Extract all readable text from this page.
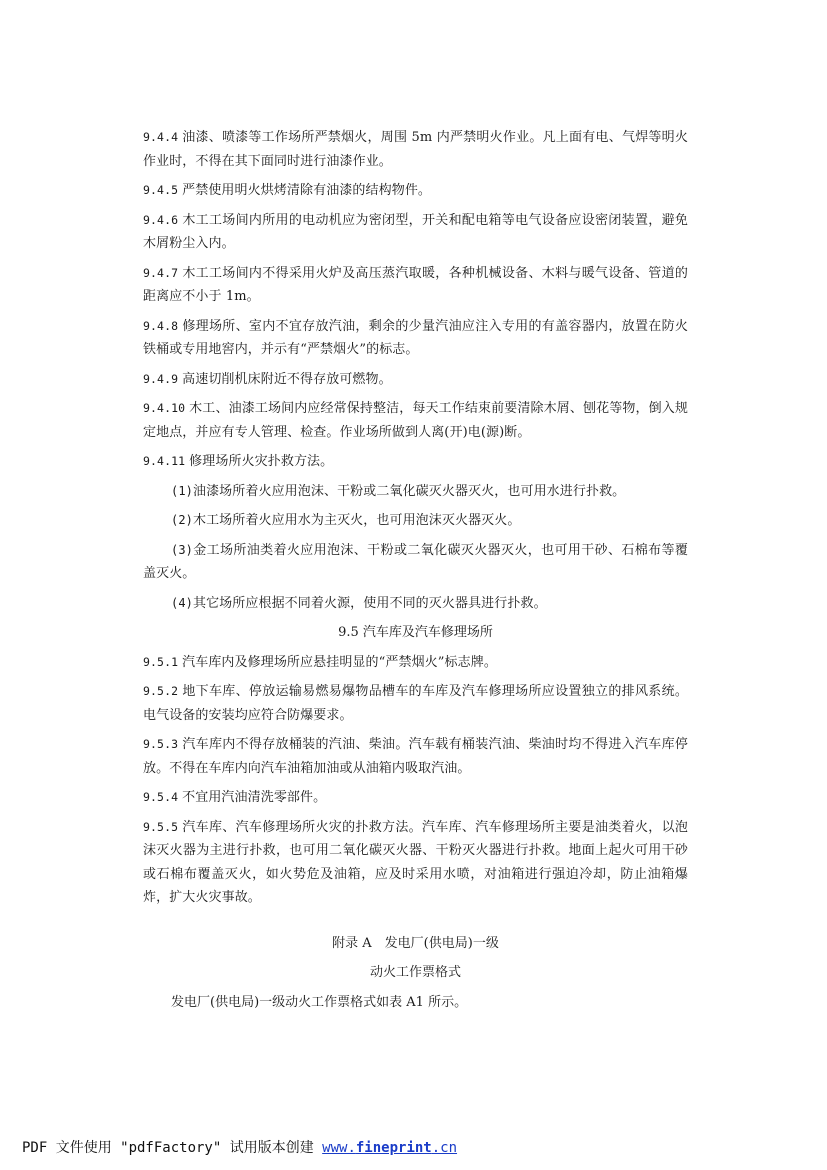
9.4.4 油漆、喷漆等工作场所严禁烟火，周围 5m 内严禁明火作业。凡上面有电、气焊等明火作业时，不得在其下面同时进行油漆作业。

9.4.5 严禁使用明火烘烤清除有油漆的结构物件。

9.4.6 木工工场间内所用的电动机应为密闭型，开关和配电箱等电气设备应设密闭装置，避免木屑粉尘入内。

9.4.7 木工工场间内不得采用火炉及高压蒸汽取暖，各种机械设备、木料与暖气设备、管道的距离应不小于 1m。

9.4.8 修理场所、室内不宜存放汽油，剩余的少量汽油应注入专用的有盖容器内，放置在防火铁桶或专用地窖内，并示有“严禁烟火”的标志。

9.4.9 高速切削机床附近不得存放可燃物。

9.4.10 木工、油漆工场间内应经常保持整洁，每天工作结束前要清除木屑、刨花等物，倒入规定地点，并应有专人管理、检查。作业场所做到人离(开)电(源)断。

9.4.11 修理场所火灾扑救方法。

(1)油漆场所着火应用泡沫、干粉或二氧化碳灭火器灭火，也可用水进行扑救。

(2)木工场所着火应用水为主灭火，也可用泡沫灭火器灭火。

(3)金工场所油类着火应用泡沫、干粉或二氧化碳灭火器灭火，也可用干砂、石棉布等覆盖灭火。

(4)其它场所应根据不同着火源，使用不同的灭火器具进行扑救。

9.5 汽车库及汽车修理场所

9.5.1 汽车库内及修理场所应悬挂明显的“严禁烟火”标志牌。

9.5.2 地下车库、停放运输易燃易爆物品槽车的车库及汽车修理场所应设置独立的排风系统。电气设备的安装均应符合防爆要求。

9.5.3 汽车库内不得存放桶装的汽油、柴油。汽车载有桶装汽油、柴油时均不得进入汽车库停放。不得在车库内向汽车油箱加油或从油箱内吸取汽油。

9.5.4 不宜用汽油清洗零部件。

9.5.5 汽车库、汽车修理场所火灾的扑救方法。汽车库、汽车修理场所主要是油类着火，以泡沫灭火器为主进行扑救，也可用二氧化碳灭火器、干粉灭火器进行扑救。地面上起火可用干砂或石棉布覆盖灭火，如火势危及油箱，应及时采用水喷，对油箱进行强迫冷却，防止油箱爆炸，扩大火灾事故。

附录 A　发电厂(供电局)一级

动火工作票格式

发电厂(供电局)一级动火工作票格式如表 A1 所示。

PDF 文件使用 "pdfFactory" 试用版本创建 www.fineprint.cn
